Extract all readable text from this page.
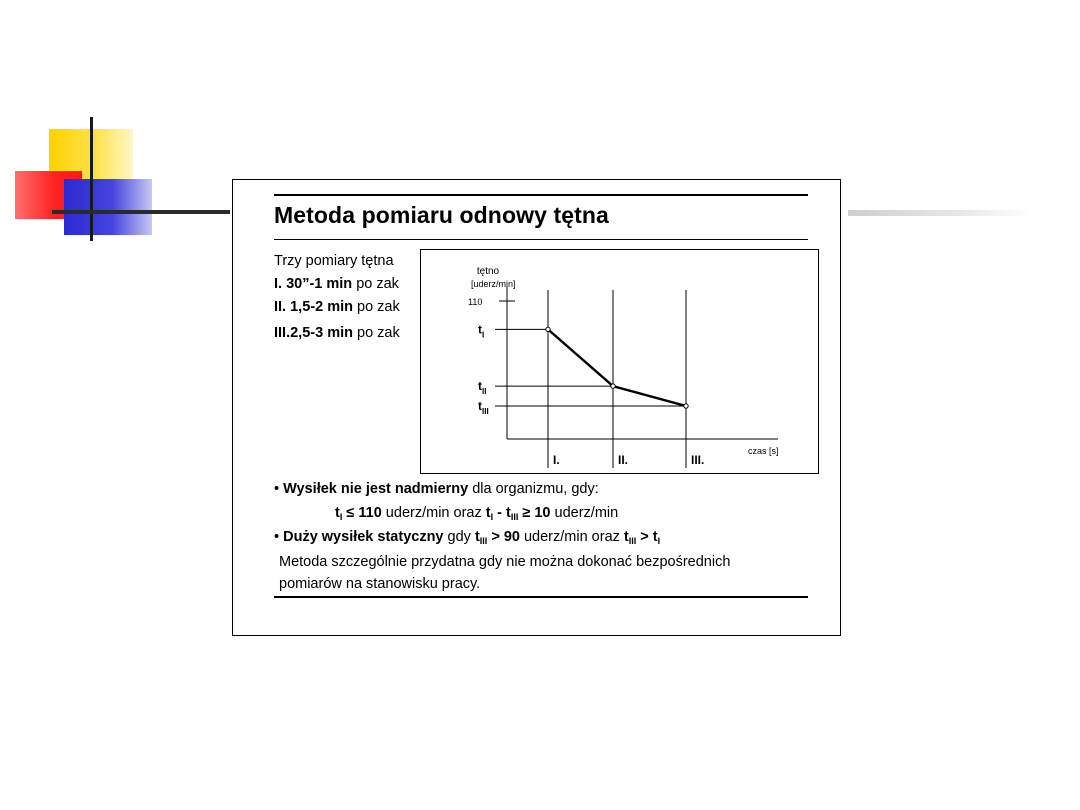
Metoda pomiaru odnowy tętna
Trzy pomiary tętna
I. 30”-1 min po zak
II. 1,5-2 min po zak
III.2,5-3 min po zak
tętno
[uderz/min]
110
I.	II.	III.
czas [s]
$t_I$
$t_{II}$
$t_{III}$
• Wysiłek nie jest nadmierny dla organizmu, gdy:
$t_I \le 110$ uderz/min oraz $t_I - t_{III} \ge 10$ uderz/min
• Duży wysiłek statyczny gdy $t_{III} > 90$ uderz/min oraz $t_{III} > t_I$
Metoda szczególnie przydatna gdy nie można dokonać bezpośrednich
pomiarów na stanowisku pracy.
